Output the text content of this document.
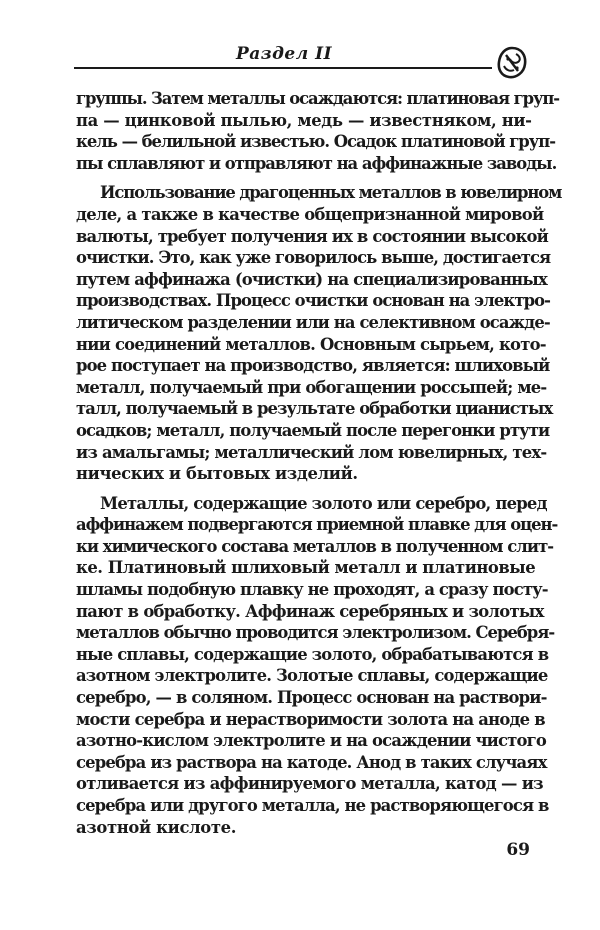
Раздел II
группы. Затем металлы осаждаются: платиновая груп-
па — цинковой пылью, медь — известняком, ни-
кель — белильной известью. Осадок платиновой груп-
пы сплавляют и отправляют на аффинажные заводы.
Использование драгоценных металлов в ювелирном
деле, а также в качестве общепризнанной мировой
валюты, требует получения их в состоянии высокой
очистки. Это, как уже говорилось выше, достигается
путем аффинажа (очистки) на специализированных
производствах. Процесс очистки основан на электро-
литическом разделении или на селективном осажде-
нии соединений металлов. Основным сырьем, кото-
рое поступает на производство, является: шлиховый
металл, получаемый при обогащении россыпей; ме-
талл, получаемый в результате обработки цианистых
осадков; металл, получаемый после перегонки ртути
из амальгамы; металлический лом ювелирных, тех-
нических и бытовых изделий.
Металлы, содержащие золото или серебро, перед
аффинажем подвергаются приемной плавке для оцен-
ки химического состава металлов в полученном слит-
ке. Платиновый шлиховый металл и платиновые
шламы подобную плавку не проходят, а сразу посту-
пают в обработку. Аффинаж серебряных и золотых
металлов обычно проводится электролизом. Серебря-
ные сплавы, содержащие золото, обрабатываются в
азотном электролите. Золотые сплавы, содержащие
серебро, — в соляном. Процесс основан на раствори-
мости серебра и нерастворимости золота на аноде в
азотно-кислом электролите и на осаждении чистого
серебра из раствора на катоде. Анод в таких случаях
отливается из аффинируемого металла, катод — из
серебра или другого металла, не растворяющегося в
азотной кислоте.
69
